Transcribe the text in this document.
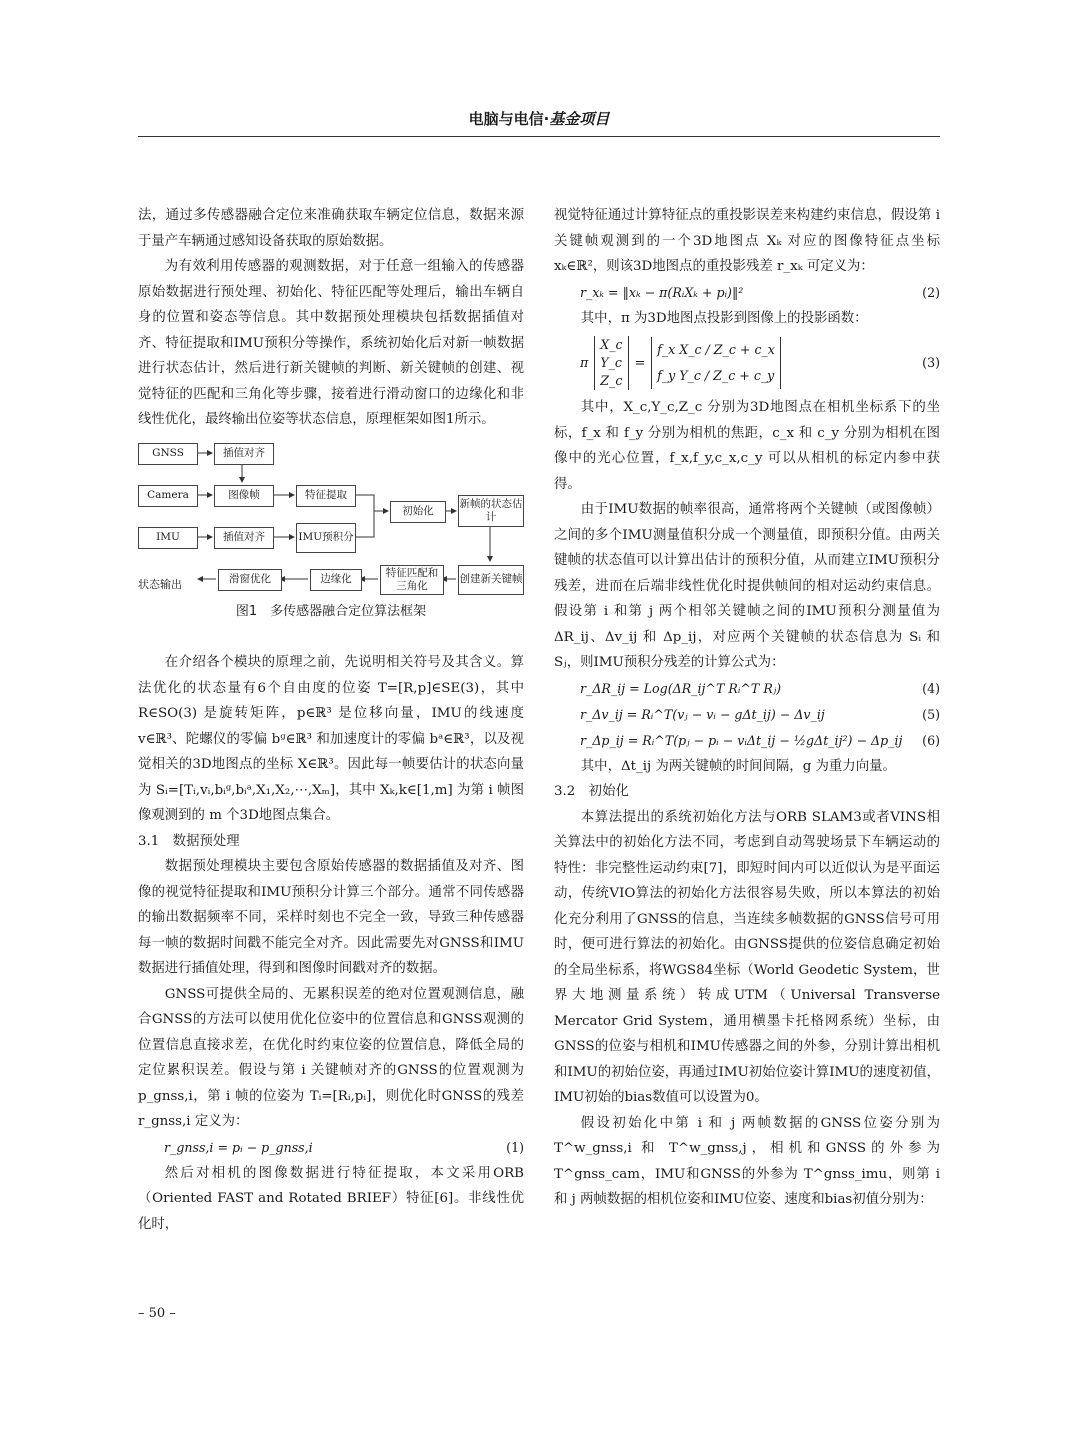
电脑与电信·基金项目

法，通过多传感器融合定位来准确获取车辆定位信息，数据来源于量产车辆通过感知设备获取的原始数据。

为有效利用传感器的观测数据，对于任意一组输入的传感器原始数据进行预处理、初始化、特征匹配等处理后，输出车辆自身的位置和姿态等信息。其中数据预处理模块包括数据插值对齐、特征提取和IMU预积分等操作，系统初始化后对新一帧数据进行状态估计，然后进行新关键帧的判断、新关键帧的创建、视觉特征的匹配和三角化等步骤，接着进行滑动窗口的边缘化和非线性优化，最终输出位姿等状态信息，原理框架如图1所示。

GNSS
Camera
IMU
插值对齐
图像帧	特征提取
插值对齐	IMU预积分
初始化
新帧的状态估计
创建新关键帧
特征匹配和三角化
边缘化
滑窗优化
状态输出
图1　多传感器融合定位算法框架

在介绍各个模块的原理之前，先说明相关符号及其含义。算法优化的状态量有6个自由度的位姿 T=[R,p]∈SE(3)，其中 R∈SO(3) 是旋转矩阵，p∈ℝ³ 是位移向量，IMU的线速度 v∈ℝ³、陀螺仪的零偏 bᵍ∈ℝ³ 和加速度计的零偏 bᵃ∈ℝ³，以及视觉相关的3D地图点的坐标 X∈ℝ³。因此每一帧要估计的状态向量为 Sᵢ=[Tᵢ,vᵢ,bᵢᵍ,bᵢᵃ,X₁,X₂,⋯,Xₘ]，其中 Xₖ,k∈[1,m] 为第 i 帧图像观测到的 m 个3D地图点集合。

3.1　数据预处理

数据预处理模块主要包含原始传感器的数据插值及对齐、图像的视觉特征提取和IMU预积分计算三个部分。通常不同传感器的输出数据频率不同，采样时刻也不完全一致，导致三种传感器每一帧的数据时间戳不能完全对齐。因此需要先对GNSS和IMU数据进行插值处理，得到和图像时间戳对齐的数据。

GNSS可提供全局的、无累积误差的绝对位置观测信息，融合GNSS的方法可以使用优化位姿中的位置信息和GNSS观测的位置信息直接求差，在优化时约束位姿的位置信息，降低全局的定位累积误差。假设与第 i 关键帧对齐的GNSS的位置观测为 p_gnss,i，第 i 帧的位姿为 Tᵢ=[Rᵢ,pᵢ]，则优化时GNSS的残差 r_gnss,i 定义为：

r_gnss,i = pᵢ − p_gnss,i	(1)

然后对相机的图像数据进行特征提取，本文采用ORB（Oriented FAST and Rotated BRIEF）特征[6]。非线性优化时，

视觉特征通过计算特征点的重投影误差来构建约束信息，假设第 i 关键帧观测到的一个3D地图点 Xₖ 对应的图像特征点坐标 xₖ∈ℝ²，则该3D地图点的重投影残差 r_xₖ 可定义为：

r_xₖ = ‖xₖ − π(RᵢXₖ + pᵢ)‖²	(2)

其中，π 为3D地图点投影到图像上的投影函数：

π
X_c
Y_c
Z_c
=
f_x X_c / Z_c + c_x
f_y Y_c / Z_c + c_y
(3)

其中，X_c,Y_c,Z_c 分别为3D地图点在相机坐标系下的坐标，f_x 和 f_y 分别为相机的焦距，c_x 和 c_y 分别为相机在图像中的光心位置，f_x,f_y,c_x,c_y 可以从相机的标定内参中获得。

由于IMU数据的帧率很高，通常将两个关键帧（或图像帧）之间的多个IMU测量值积分成一个测量值，即预积分值。由两关键帧的状态值可以计算出估计的预积分值，从而建立IMU预积分残差，进而在后端非线性优化时提供帧间的相对运动约束信息。假设第 i 和第 j 两个相邻关键帧之间的IMU预积分测量值为 ΔR_ij、Δv_ij 和 Δp_ij，对应两个关键帧的状态信息为 Sᵢ 和 Sⱼ，则IMU预积分残差的计算公式为：

r_ΔR_ij = Log(ΔR_ij^T Rᵢ^T Rⱼ)	(4)
r_Δv_ij = Rᵢ^T(vⱼ − vᵢ − gΔt_ij) − Δv_ij	(5)
r_Δp_ij = Rᵢ^T(pⱼ − pᵢ − vᵢΔt_ij − ½gΔt_ij²) − Δp_ij (6)

其中，Δt_ij 为两关键帧的时间间隔，g 为重力向量。

3.2　初始化

本算法提出的系统初始化方法与ORB SLAM3或者VINS相关算法中的初始化方法不同，考虑到自动驾驶场景下车辆运动的特性：非完整性运动约束[7]，即短时间内可以近似认为是平面运动，传统VIO算法的初始化方法很容易失败，所以本算法的初始化充分利用了GNSS的信息，当连续多帧数据的GNSS信号可用时，便可进行算法的初始化。由GNSS提供的位姿信息确定初始的全局坐标系，将WGS84坐标（World Geodetic System，世界大地测量系统）转成UTM（Universal Transverse Mercator Grid System，通用横墨卡托格网系统）坐标，由GNSS的位姿与相机和IMU传感器之间的外参，分别计算出相机和IMU的初始位姿，再通过IMU初始位姿计算IMU的速度初值，IMU初始的bias数值可以设置为0。

假设初始化中第 i 和 j 两帧数据的GNSS位姿分别为 T^w_gnss,i 和 T^w_gnss,j，相机和GNSS的外参为 T^gnss_cam，IMU和GNSS的外参为 T^gnss_imu，则第 i 和 j 两帧数据的相机位姿和IMU位姿、速度和bias初值分别为：

– 50 –
